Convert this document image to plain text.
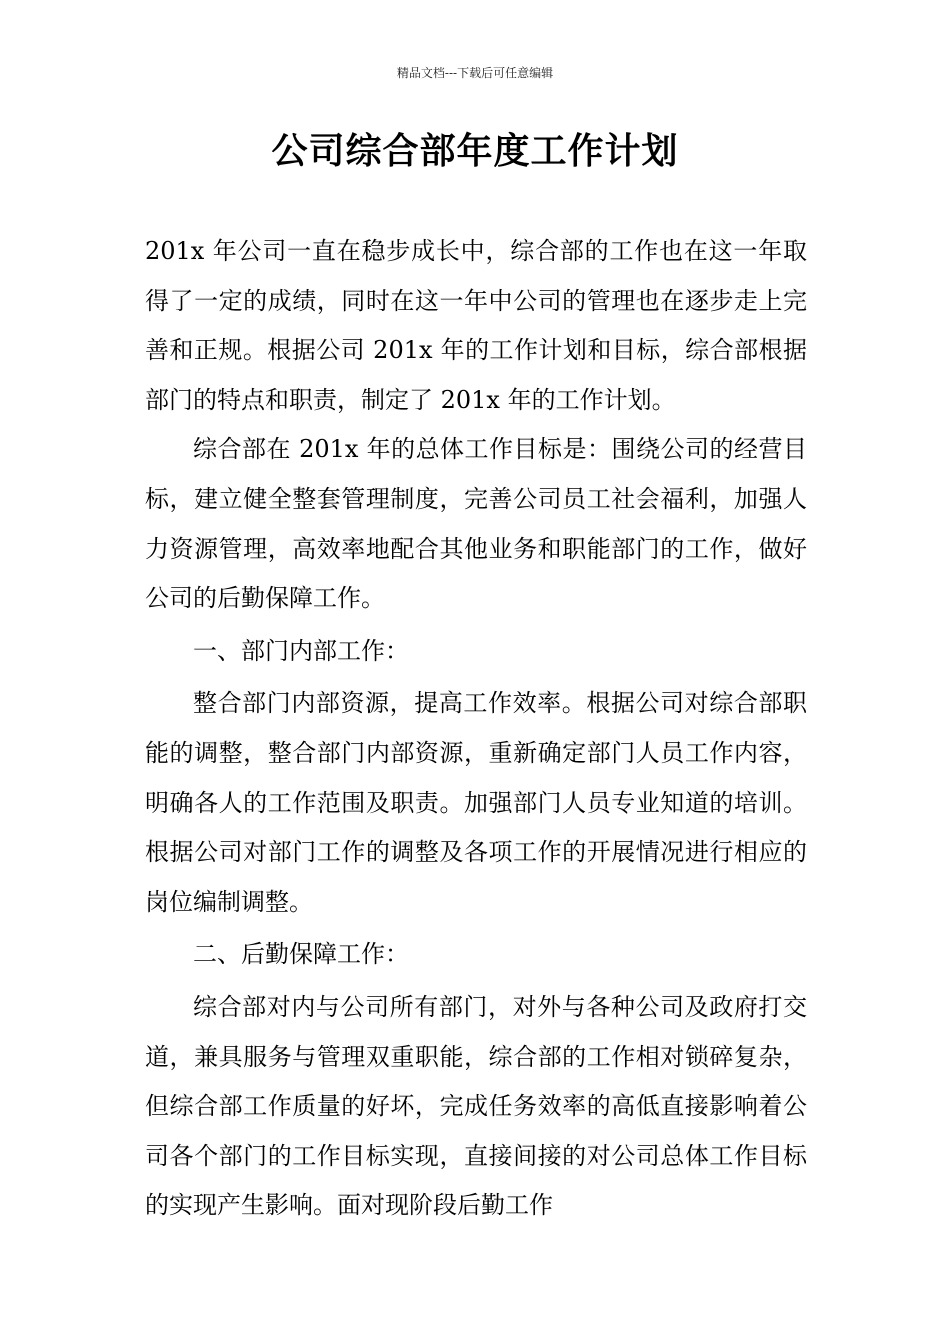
精品文档---下载后可任意编辑
公司综合部年度工作计划

201x 年公司一直在稳步成长中，综合部的工作也在这一年取得了一定的成绩，同时在这一年中公司的管理也在逐步走上完善和正规。根据公司 201x 年的工作计划和目标，综合部根据部门的特点和职责，制定了 201x 年的工作计划。

综合部在 201x 年的总体工作目标是：围绕公司的经营目标，建立健全整套管理制度，完善公司员工社会福利，加强人力资源管理，高效率地配合其他业务和职能部门的工作，做好公司的后勤保障工作。

一、部门内部工作：

整合部门内部资源，提高工作效率。根据公司对综合部职能的调整，整合部门内部资源，重新确定部门人员工作内容，明确各人的工作范围及职责。加强部门人员专业知道的培训。根据公司对部门工作的调整及各项工作的开展情况进行相应的岗位编制调整。

二、后勤保障工作：

综合部对内与公司所有部门，对外与各种公司及政府打交道，兼具服务与管理双重职能，综合部的工作相对锁碎复杂，但综合部工作质量的好坏，完成任务效率的高低直接影响着公司各个部门的工作目标实现，直接间接的对公司总体工作目标的实现产生影响。面对现阶段后勤工作
